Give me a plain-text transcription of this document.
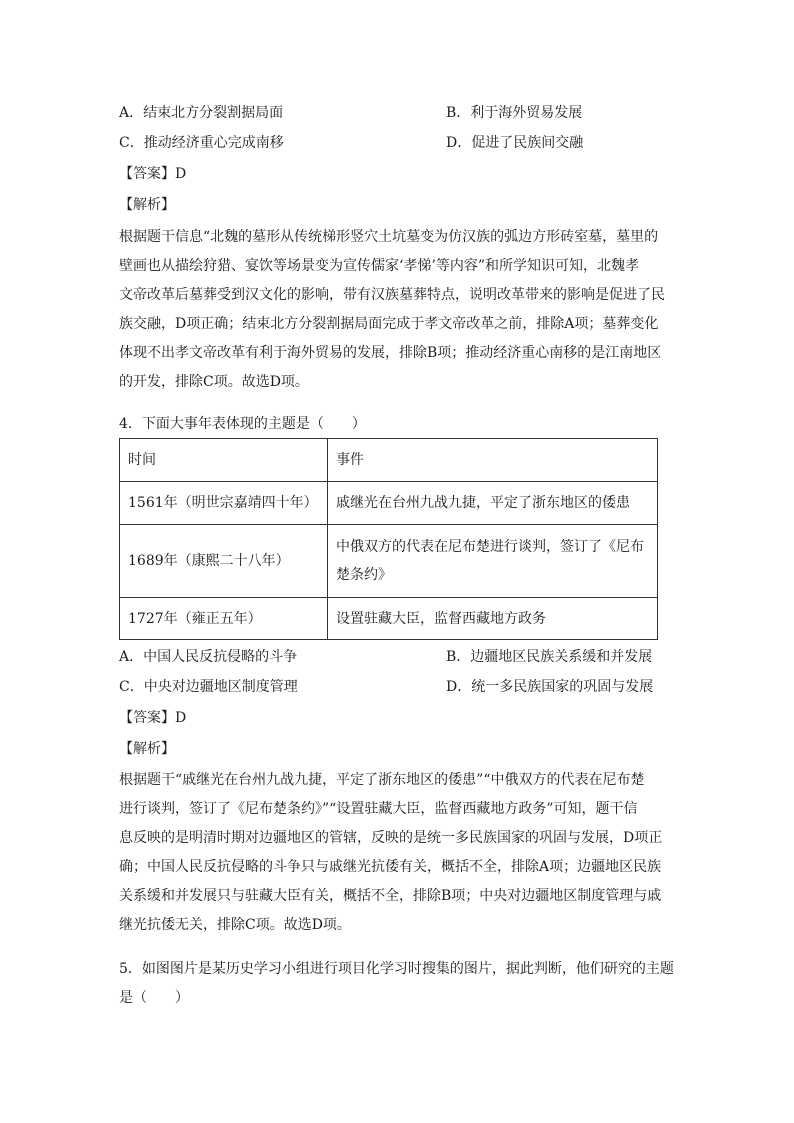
A．结束北方分裂割据局面	B．利于海外贸易发展
C．推动经济重心完成南移	D．促进了民族间交融
【答案】D
【解析】
根据题干信息“北魏的墓形从传统梯形竖穴土坑墓变为仿汉族的弧边方形砖室墓，墓里的
壁画也从描绘狩猎、宴饮等场景变为宣传儒家‘孝悌’等内容”和所学知识可知，北魏孝
文帝改革后墓葬受到汉文化的影响，带有汉族墓葬特点，说明改革带来的影响是促进了民
族交融，D项正确；结束北方分裂割据局面完成于孝文帝改革之前，排除A项；墓葬变化
体现不出孝文帝改革有利于海外贸易的发展，排除B项；推动经济重心南移的是江南地区
的开发，排除C项。故选D项。
4．下面大事年表体现的主题是（　　）
时间	事件
1561年（明世宗嘉靖四十年）	戚继光在台州九战九捷，平定了浙东地区的倭患
1689年（康熙二十八年）	中俄双方的代表在尼布楚进行谈判，签订了《尼布
楚条约》

1727年（雍正五年）	设置驻藏大臣，监督西藏地方政务
A．中国人民反抗侵略的斗争	B．边疆地区民族关系缓和并发展
C．中央对边疆地区制度管理	D．统一多民族国家的巩固与发展
【答案】D
【解析】
根据题干“戚继光在台州九战九捷，平定了浙东地区的倭患”“中俄双方的代表在尼布楚
进行谈判，签订了《尼布楚条约》”“设置驻藏大臣，监督西藏地方政务”可知，题干信
息反映的是明清时期对边疆地区的管辖，反映的是统一多民族国家的巩固与发展，D项正
确；中国人民反抗侵略的斗争只与戚继光抗倭有关，概括不全，排除A项；边疆地区民族
关系缓和并发展只与驻藏大臣有关，概括不全，排除B项；中央对边疆地区制度管理与戚
继光抗倭无关，排除C项。故选D项。
5．如图图片是某历史学习小组进行项目化学习时搜集的图片，据此判断，他们研究的主题
是（　　）
